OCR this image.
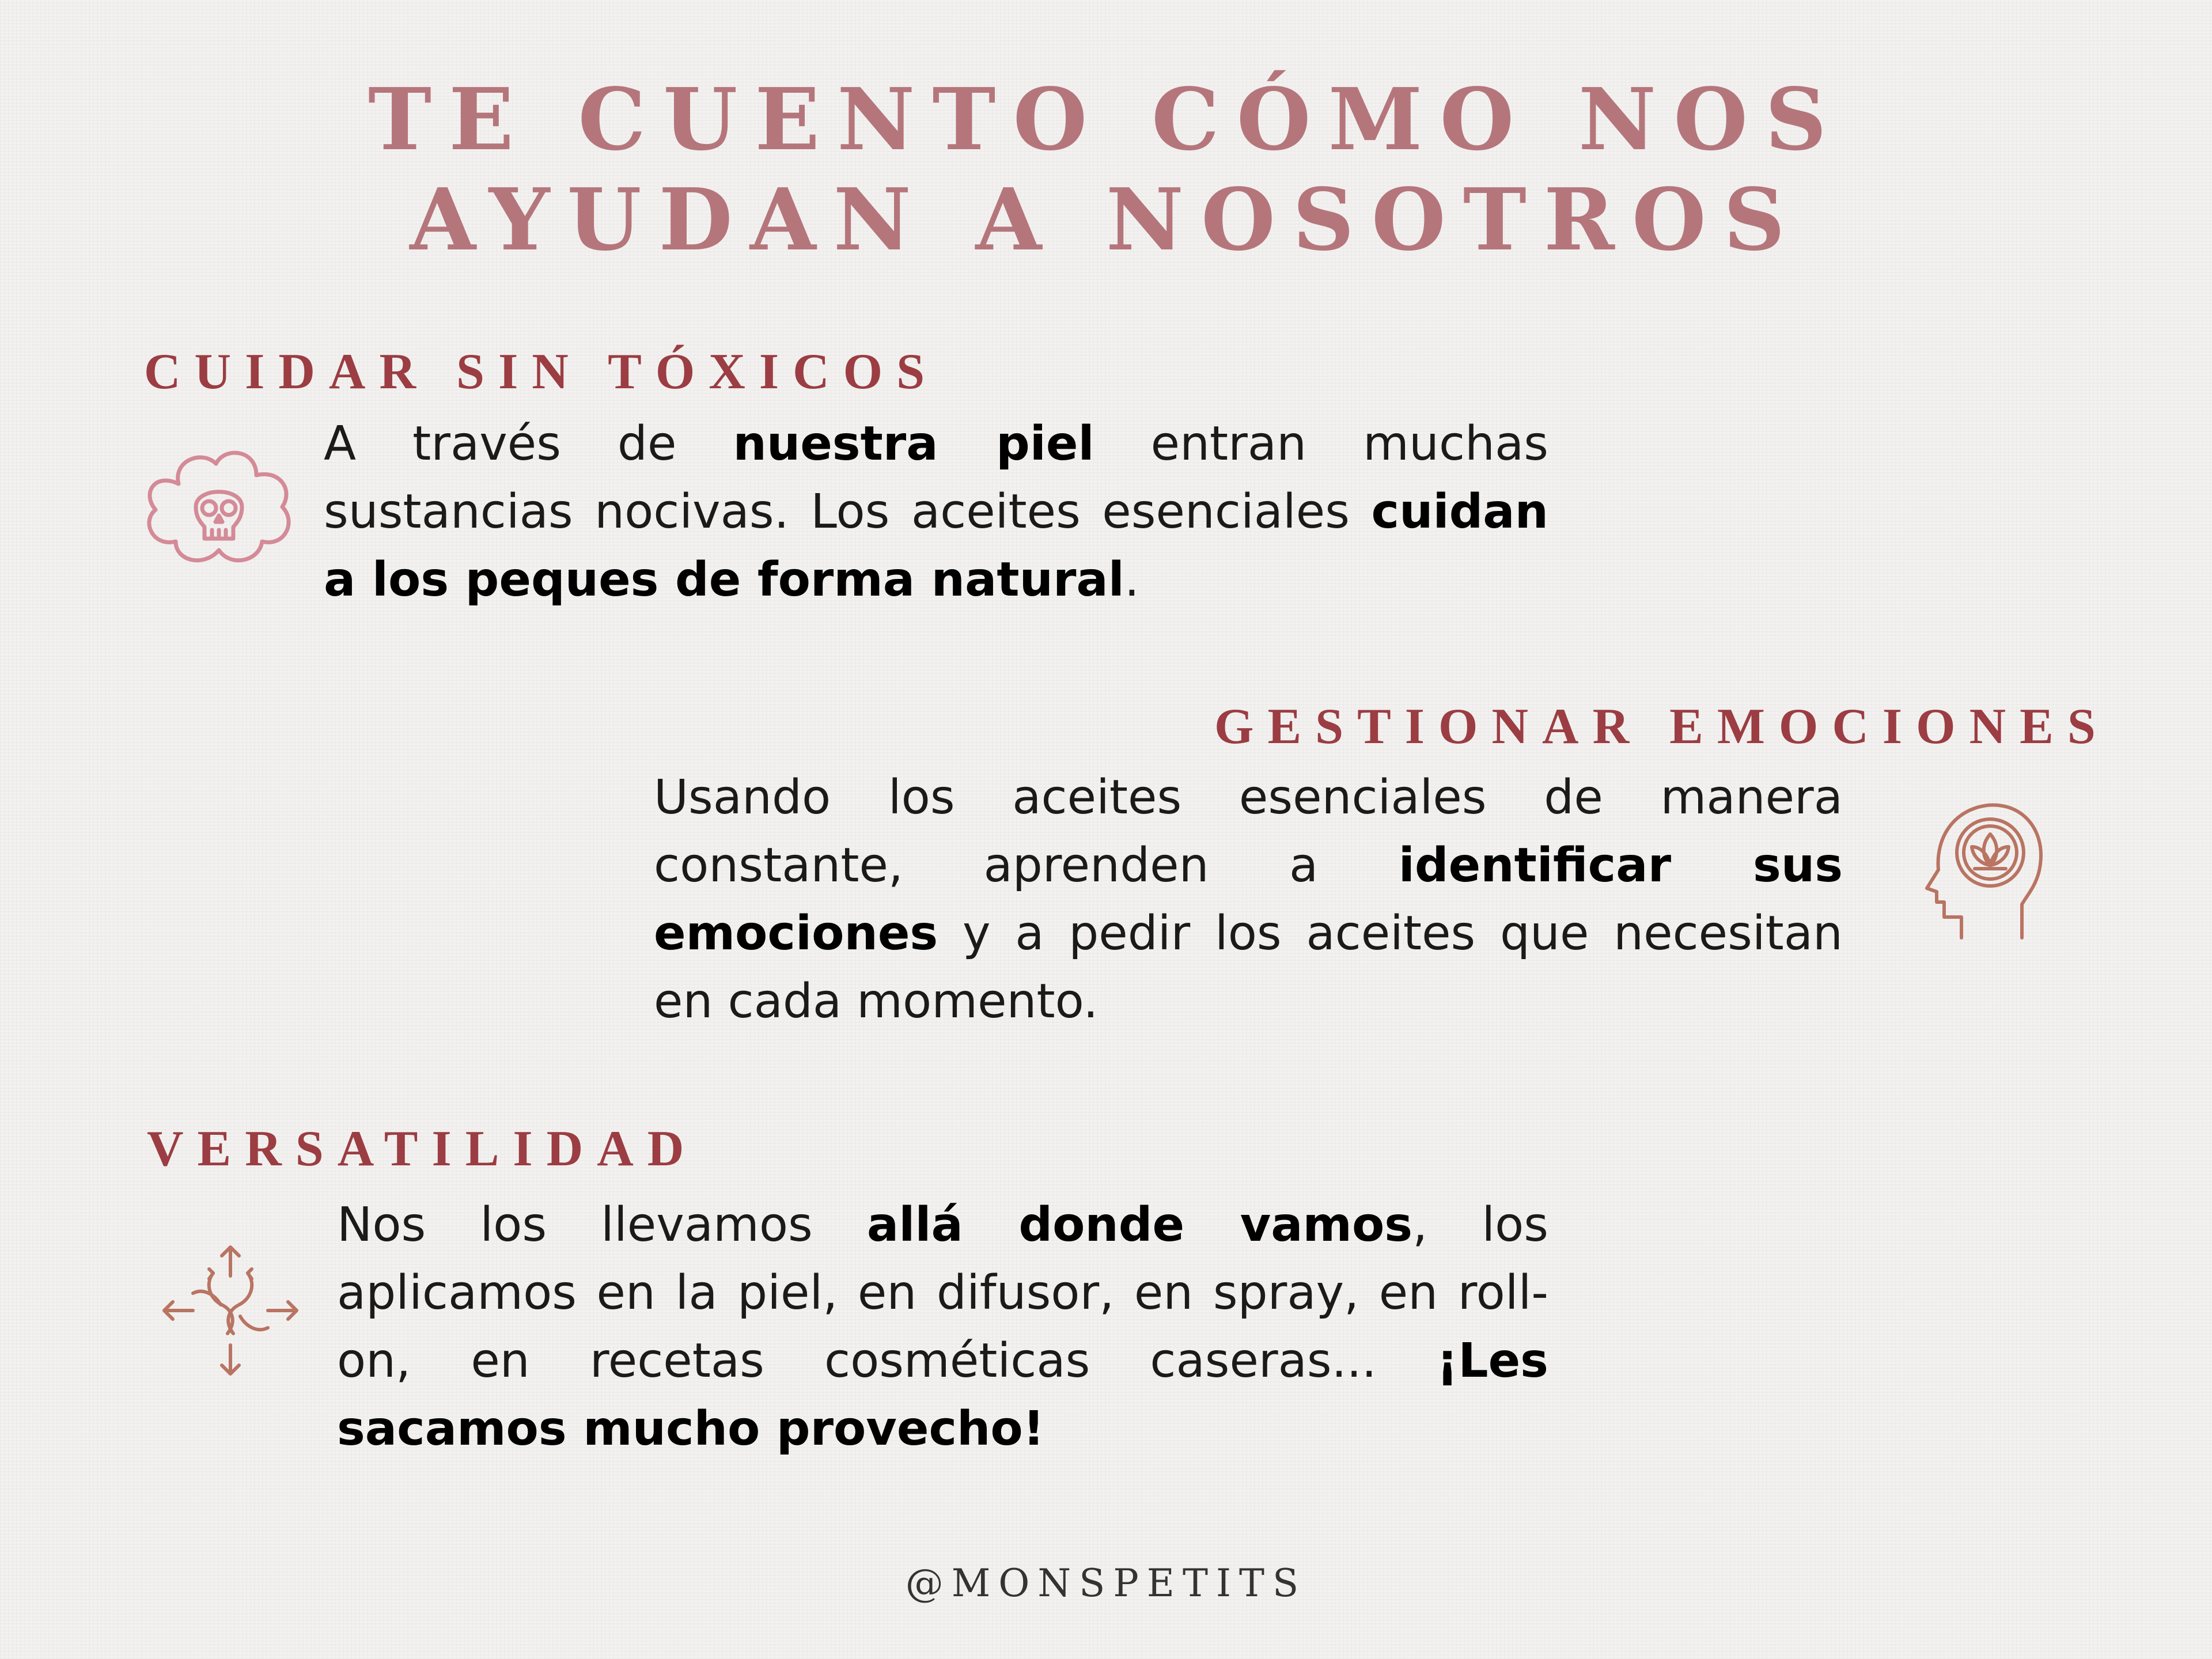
TE CUENTO CÓMO NOS
AYUDAN A NOSOTROS
CUIDAR SIN TÓXICOS
A través de nuestra piel entran muchas sustancias nocivas. Los aceites esenciales cuidan a los peques de forma natural.
GESTIONAR EMOCIONES
Usando los aceites esenciales de manera constante, aprenden a identificar sus emociones y a pedir los aceites que necesitan en cada momento.
VERSATILIDAD
Nos los llevamos allá donde vamos, los aplicamos en la piel, en difusor, en spray, en roll-on, en recetas cosméticas caseras... ¡Les sacamos mucho provecho!
@MONSPETITS
